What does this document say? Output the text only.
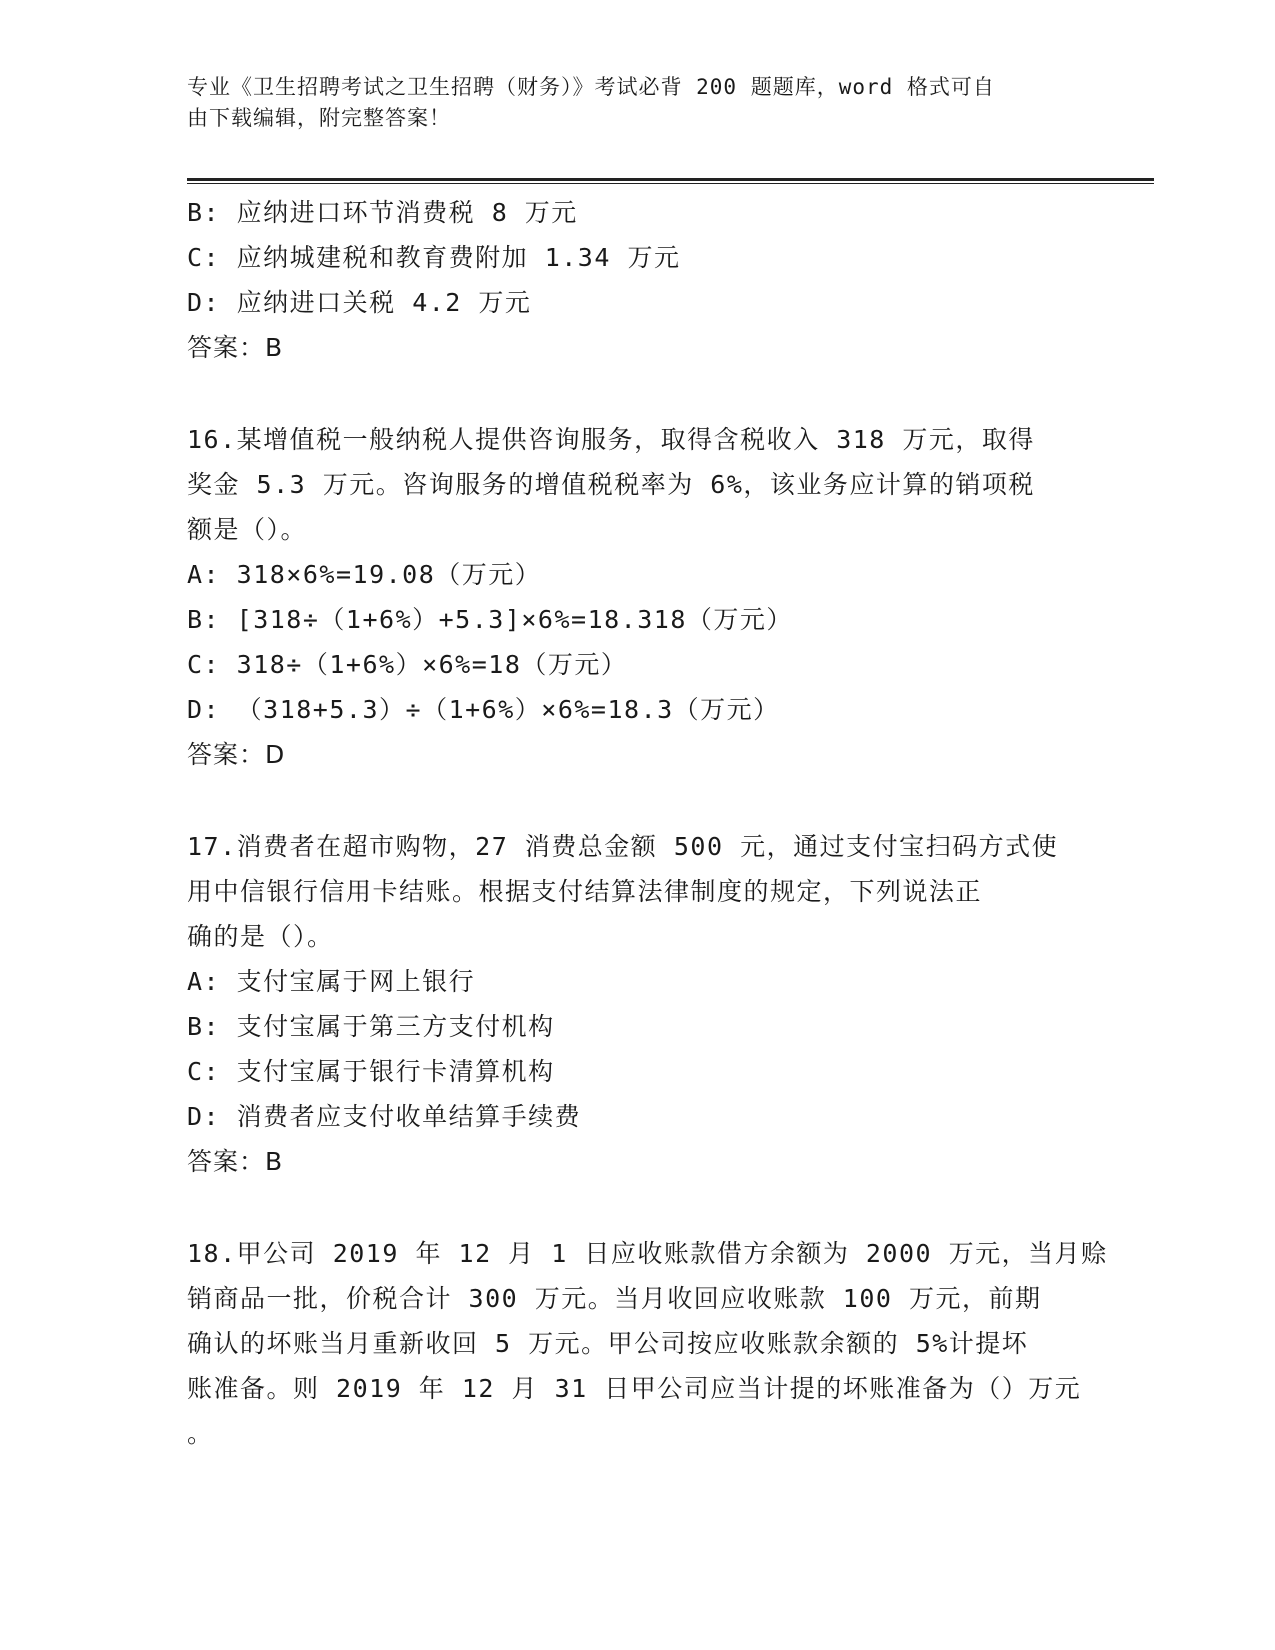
专业《卫生招聘考试之卫生招聘（财务）》考试必背 200 题题库，word 格式可自
由下载编辑，附完整答案！
B: 应纳进口环节消费税 8 万元
C: 应纳城建税和教育费附加 1.34 万元
D: 应纳进口关税 4.2 万元
答案：B
16.某增值税一般纳税人提供咨询服务，取得含税收入 318 万元，取得
奖金 5.3 万元。咨询服务的增值税税率为 6%，该业务应计算的销项税
额是（）。
A: 318×6%=19.08（万元）
B: [318÷（1+6%）+5.3]×6%=18.318（万元）
C: 318÷（1+6%）×6%=18（万元）
D: （318+5.3）÷（1+6%）×6%=18.3（万元）
答案：D
17.消费者在超市购物，27 消费总金额 500 元，通过支付宝扫码方式使
用中信银行信用卡结账。根据支付结算法律制度的规定，下列说法正
确的是（）。
A: 支付宝属于网上银行
B: 支付宝属于第三方支付机构
C: 支付宝属于银行卡清算机构
D: 消费者应支付收单结算手续费
答案：B
18.甲公司 2019 年 12 月 1 日应收账款借方余额为 2000 万元，当月赊
销商品一批，价税合计 300 万元。当月收回应收账款 100 万元，前期
确认的坏账当月重新收回 5 万元。甲公司按应收账款余额的 5%计提坏
账准备。则 2019 年 12 月 31 日甲公司应当计提的坏账准备为（）万元
。
